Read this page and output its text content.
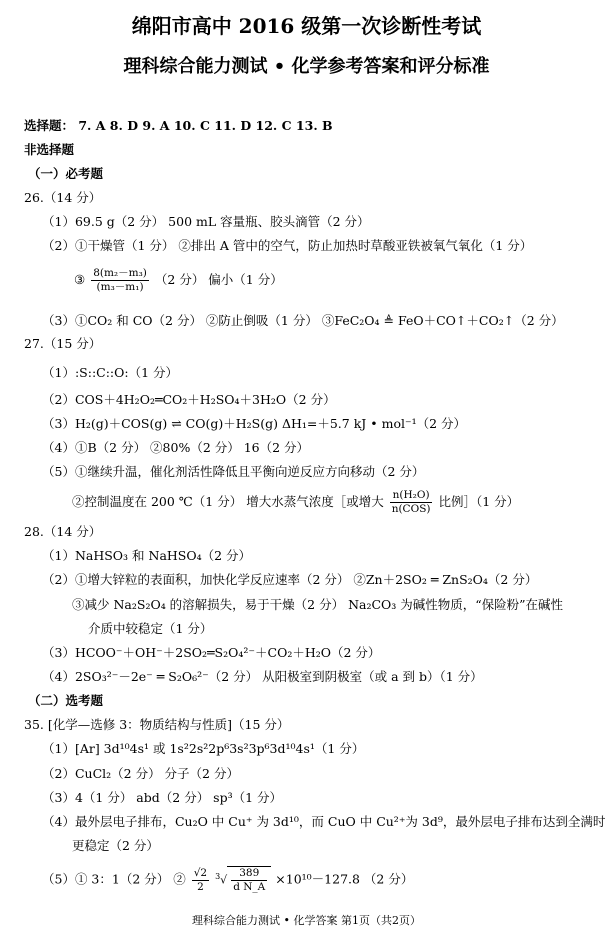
绵阳市高中 2016 级第一次诊断性考试
理科综合能力测试 • 化学参考答案和评分标准
选择题： 7. A 8. D 9. A 10. C 11. D 12. C 13. B
非选择题
（一）必考题
26.（14 分）
（1）69.5 g（2 分） 500 mL 容量瓶、胶头滴管（2 分）
（2）①干燥管（1 分） ②排出 A 管中的空气，防止加热时草酸亚铁被氧气氧化（1 分）
③ $\frac{\text{8(m₂－m₃)}}{\text{(m₃－m₁)}} (2$ 分） 偏小（1 分）
（3）①CO₂ 和 CO（2 分） ②防止倒吸（1 分） ③FeC₂O₄ ≜ FeO＋CO↑＋CO₂↑（2 分）
27.（15 分）
（1）:S::C::O:（1 分）
（2）COS＋4H₂O₂═CO₂＋H₂SO₄＋3H₂O（2 分）
（3）H₂(g)＋COS(g) ⇌ CO(g)＋H₂S(g) ΔH₁=＋5.7 kJ • mol⁻¹（2 分）
（4）①B（2 分） ②80%（2 分） 16（2 分）
（5）①继续升温，催化剂活性降低且平衡向逆反应方向移动（2 分）
②控制温度在 200 ℃（1 分） 增大水蒸气浓度［或增大 $\frac{\text{n(H₂O)}}{\text{n(COS)}}$ 比例］（1 分）
28.（14 分）
（1）NaHSO₃ 和 NaHSO₄（2 分）
（2）①增大锌粒的表面积，加快化学反应速率（2 分） ②Zn＋2SO₂ ═ ZnS₂O₄（2 分）
③减少 Na₂S₂O₄ 的溶解损失，易于干燥（2 分） Na₂CO₃ 为碱性物质，“保险粉”在碱性
介质中较稳定（1 分）
（3）HCOO⁻＋OH⁻＋2SO₂═S₂O₄²⁻＋CO₂＋H₂O（2 分）
（4）2SO₃²⁻－2e⁻ ═ S₂O₆²⁻（2 分） 从阳极室到阴极室（或 a 到 b）（1 分）
（二）选考题
35. [化学—选修 3：物质结构与性质]（15 分）
（1）[Ar] 3d¹⁰4s¹ 或 1s²2s²2p⁶3s²3p⁶3d¹⁰4s¹（1 分）
（2）CuCl₂（2 分） 分子（2 分）
（3）4（1 分） abd（2 分） sp³（1 分）
（4）最外层电子排布，Cu₂O 中 Cu⁺ 为 3d¹⁰，而 CuO 中 Cu²⁺为 3d⁹，最外层电子排布达到全满时
更稳定（2 分）
（5）① 3：1（2 分） ② $\frac{√2}{2} ^3√ \frac{389}{\text{d N\_A}} \times 10^{10}-127.8$ （2 分）
理科综合能力测试 • 化学答案 第1页（共2页）
